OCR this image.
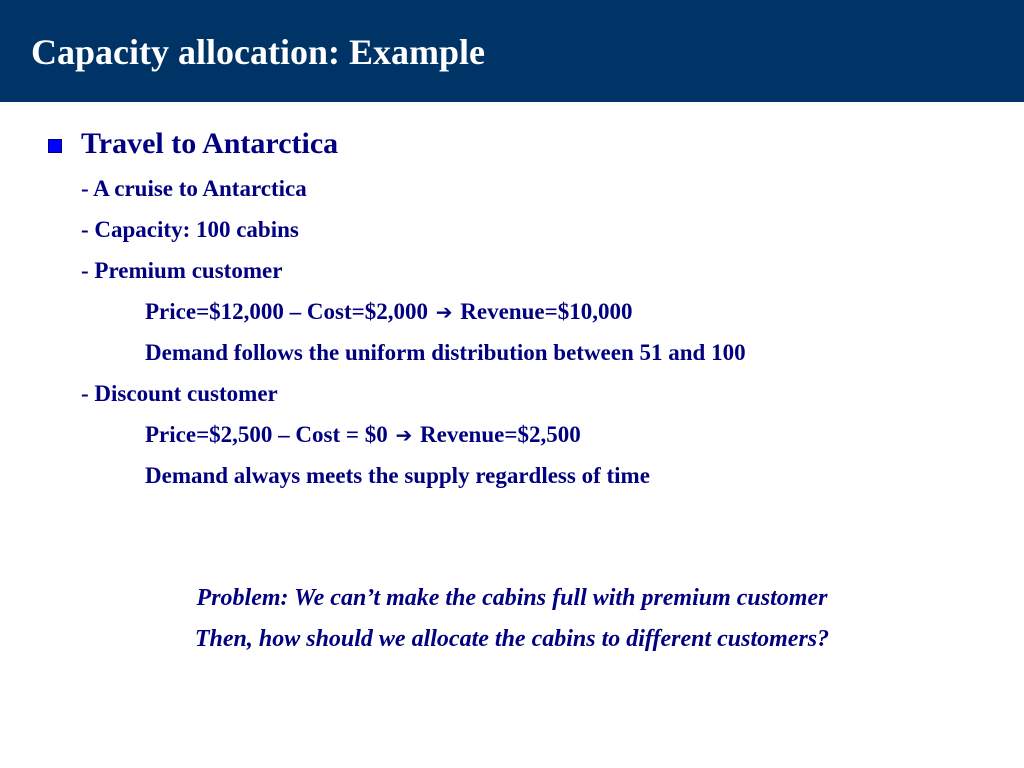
Capacity allocation: Example
Travel to Antarctica
- A cruise to Antarctica
- Capacity: 100 cabins
- Premium customer
Price=$12,000 – Cost=$2,000 ➔ Revenue=$10,000
Demand follows the uniform distribution between 51 and 100
- Discount customer
Price=$2,500 – Cost = $0 ➔ Revenue=$2,500
Demand always meets the supply regardless of time
Problem: We can’t make the cabins full with premium customer
Then, how should we allocate the cabins to different customers?
